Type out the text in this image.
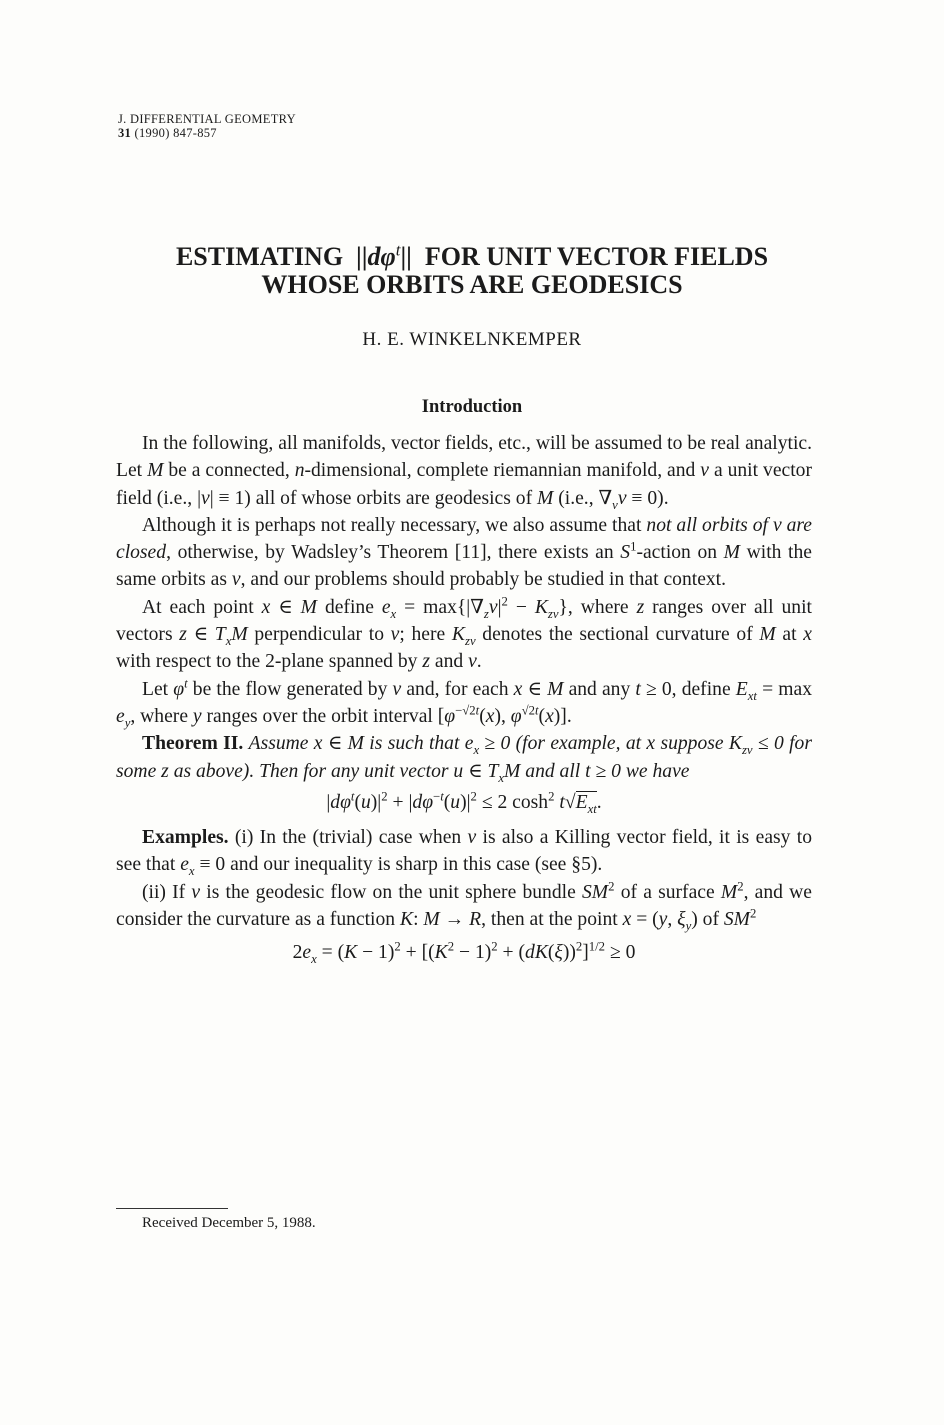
J. DIFFERENTIAL GEOMETRY
31 (1990) 847-857
ESTIMATING  $||d\varphi^t||$  FOR UNIT VECTOR FIELDS
WHOSE ORBITS ARE GEODESICS
H. E. WINKELNKEMPER
Introduction

In the following, all manifolds, vector fields, etc., will be assumed to be real analytic. Let M be a connected, n-dimensional, complete riemannian manifold, and v a unit vector field (i.e., |v| ≡ 1) all of whose orbits are geodesics of M (i.e., $\nabla_vv \equiv 0$).

Although it is perhaps not really necessary, we also assume that not all orbits of v are closed, otherwise, by Wadsley’s Theorem [11], there exists an $S^1$-action on M with the same orbits as v, and our problems should probably be studied in that context.

At each point x ∈ M define $e_x = \max\{|\nabla_zv|^2 - K_{zv}\}$, where z ranges over all unit vectors z ∈ $T_xM$ perpendicular to v; here $K_{zv}$ denotes the sectional curvature of M at x with respect to the 2-plane spanned by z and v.

Let $\varphi^t$ be the flow generated by v and, for each x ∈ M and any t ≥ 0, define $E_{xt} = \max e_y$, where y ranges over the orbit interval [$\varphi^{-√2t}(x)$, $\varphi^{√2t}(x)$].

Theorem II. Assume x ∈ M is such that $e_x \ge 0$ (for example, at x suppose $K_{zv} \le 0$ for some z as above). Then for any unit vector u ∈ $T_xM$ and all t ≥ 0 we have

$|d\varphi^t(u)|^2 + |d\varphi^{-t}(u)|^2 \le 2$ $\cosh^2 t√E_{xt}$.

Examples. (i) In the (trivial) case when v is also a Killing vector field, it is easy to see that $e_x \equiv 0$ and our inequality is sharp in this case (see §5).

(ii) If v is the geodesic flow on the unit sphere bundle $SM^2$ of a surface $M^2$, and we consider the curvature as a function K: M → R, then at the point x = (y, $\xi_y$) of $SM^2$

$2e_x = (K - 1)^2 + [(K^2 - 1)^2 + (dK(\xi))^2]^{1/2} \ge 0$

Received December 5, 1988.
